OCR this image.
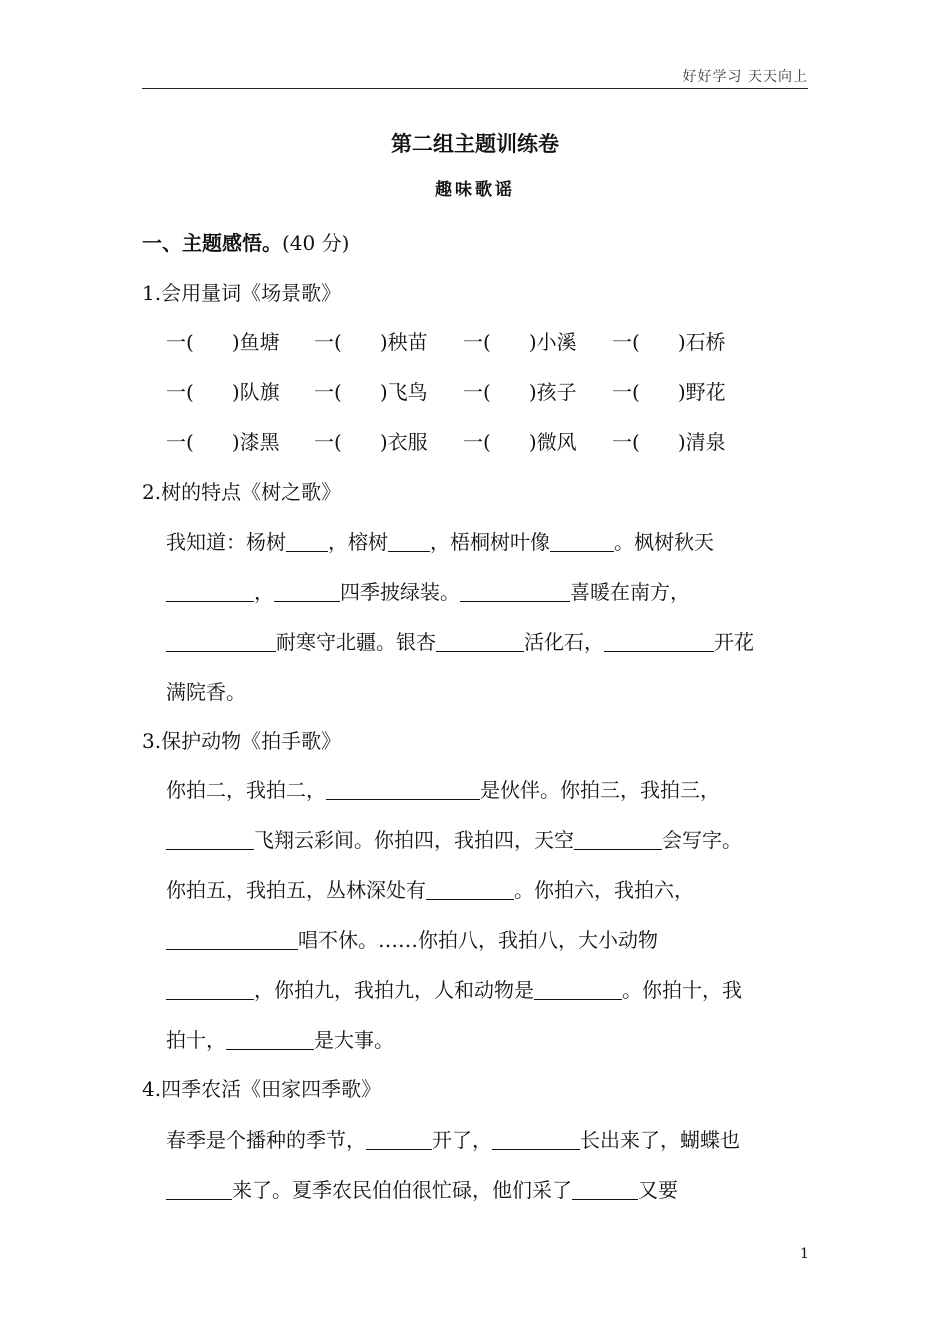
好好学习 天天向上
第二组主题训练卷
趣味歌谣
一、主题感悟。(40 分)
1.会用量词《场景歌》
一( )鱼塘 一( )秧苗 一( )小溪 一( )石桥
一( )队旗 一( )飞鸟 一( )孩子 一( )野花
一( )漆黑 一( )衣服 一( )微风 一( )清泉
2.树的特点《树之歌》
我知道：杨树 ，榕树 ，梧桐树叶像	。枫树秋天
，	四季披绿装。	喜暖在南方，
耐寒守北疆。银杏	活化石，	开花
满院香。
3.保护动物《拍手歌》
你拍二，我拍二，	是伙伴。你拍三，我拍三，
飞翔云彩间。你拍四，我拍四，天空	会写字。
你拍五，我拍五，丛林深处有	。你拍六，我拍六，
唱不休。……你拍八，我拍八，大小动物
，你拍九，我拍九，人和动物是	。你拍十，我
拍十，	是大事。
4.四季农活《田家四季歌》
春季是个播种的季节，	开了，	长出来了，蝴蝶也
来了。夏季农民伯伯很忙碌，他们采了	又要
1
